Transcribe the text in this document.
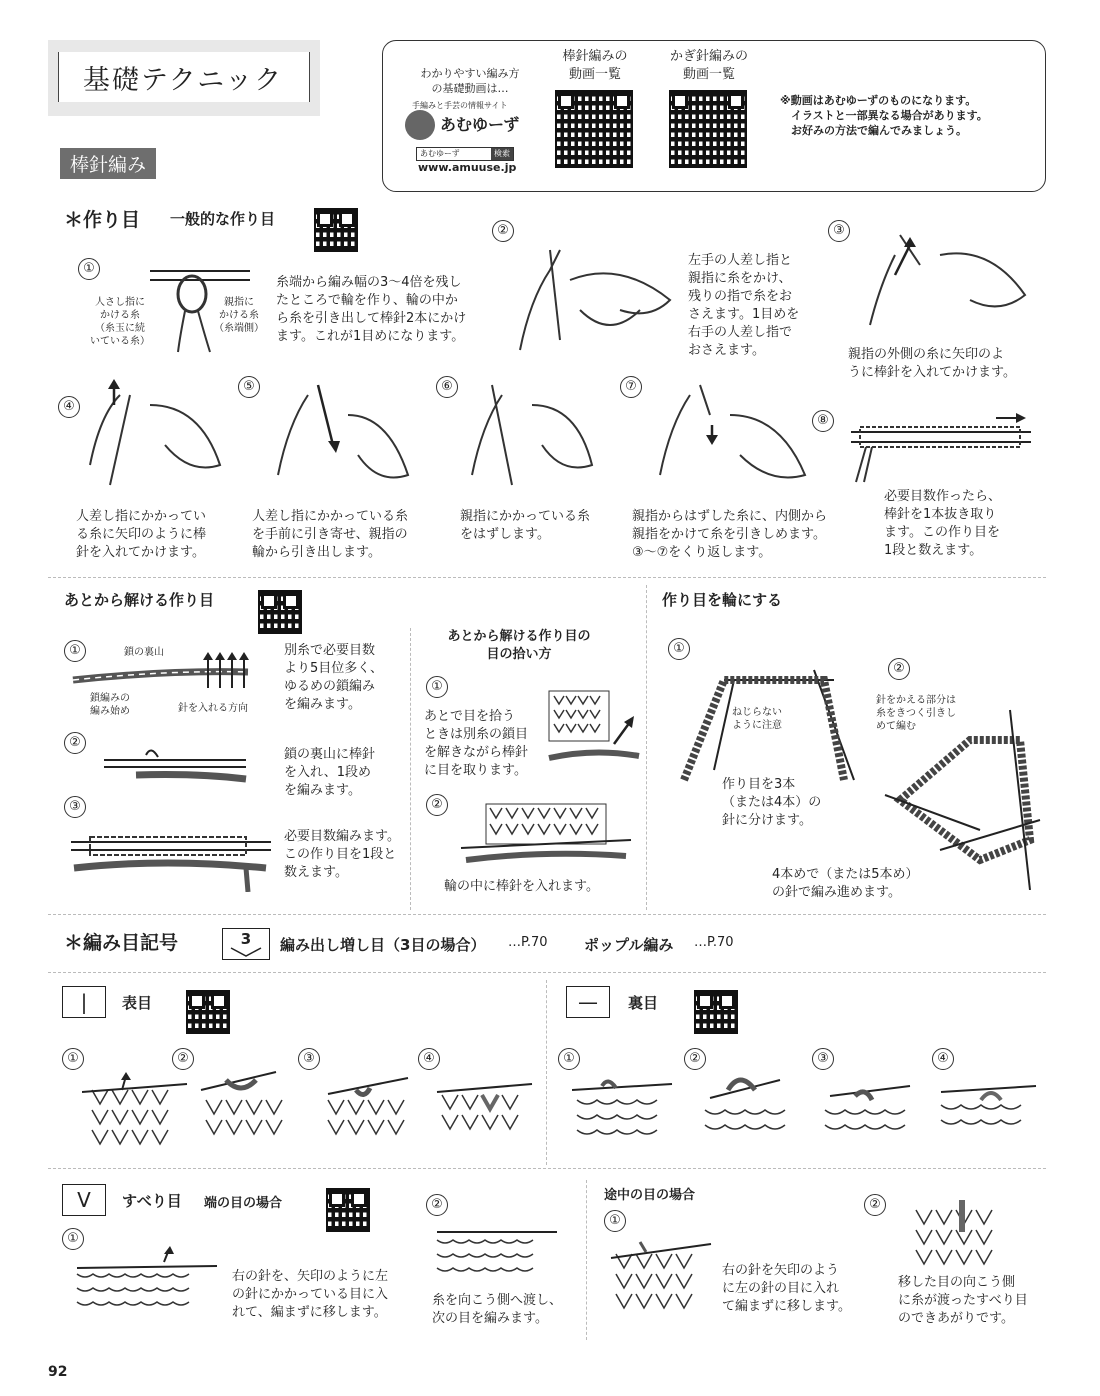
基礎テクニック
棒針編み
わかりやすい編み方
の基礎動画は…
手編みと手芸の情報サイト
あむゆーず
あむゆーず	検索
www.amuuse.jp
棒針編みの
動画一覧
かぎ針編みの
動画一覧
※動画はあむゆーずのものになります。
　イラストと一部異なる場合があります。
　お好みの方法で編んでみましょう。
＊作り目 一般的な作り目
①
人さし指に
かける糸
（糸玉に続
いている糸）
親指に
かける糸
（糸端側）
糸端から編み幅の3～4倍を残し
たところで輪を作り、輪の中か
ら糸を引き出して棒針2本にかけ
ます。これが1目めになります。
②
左手の人差し指と
親指に糸をかけ、
残りの指で糸をお
さえます。1目めを
右手の人差し指で
おさえます。
③
親指の外側の糸に矢印のよ
うに棒針を入れてかけます。
④
⑤	⑥	⑦
⑧
必要目数作ったら、
棒針を1本抜き取り
ます。この作り目を
1段と数えます。
人差し指にかかってい
る糸に矢印のように棒
針を入れてかけます。
人差し指にかかっている糸
を手前に引き寄せ、親指の
輪から引き出します。
親指にかかっている糸
をはずします。
親指からはずした糸に、内側から
親指をかけて糸を引きしめます。
③～⑦をくり返します。
あとから解ける作り目
①	鎖の裏山
鎖編みの
編み始め	針を入れる方向
別糸で必要目数
より5目位多く、
ゆるめの鎖編み
を編みます。
②
鎖の裏山に棒針
を入れ、1段め
を編みます。
③
必要目数編みます。
この作り目を1段と
数えます。
あとから解ける作り目の
目の拾い方
①
あとで目を拾う
ときは別糸の鎖目
を解きながら棒針
に目を取ります。
②
輪の中に棒針を入れます。
作り目を輪にする
①
ねじらない
ように注意
作り目を3本
（または4本）の
針に分けます。
②
針をかえる部分は
糸をきつく引きし
めて編む
4本めで（または5本め）
の針で編み進めます。
＊編み目記号	3	編み出し増し目（3目の場合） …P.70 ポップル編み …P.70
|	表目	—	裏目
①	②	③	④	①	②	③	④
V	すべり目 端の目の場合
①
右の針を、矢印のように左
の針にかかっている目に入
れて、編まずに移します。
②
糸を向こう側へ渡し、
次の目を編みます。
途中の目の場合
①
右の針を矢印のよう
に左の針の目に入れ
て編まずに移します。
②
移した目の向こう側
に糸が渡ったすべり目
のできあがりです。
92
